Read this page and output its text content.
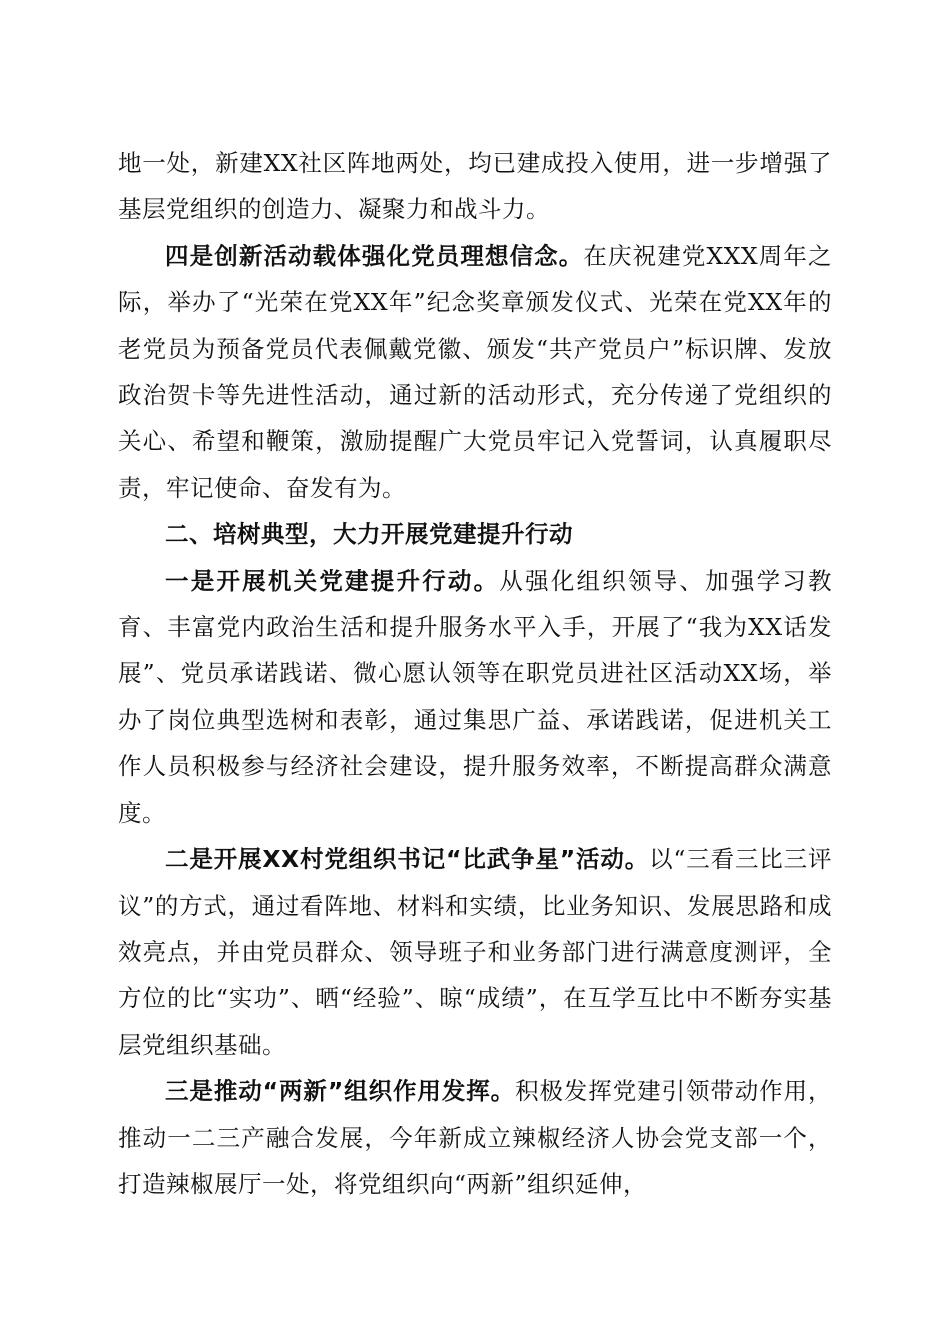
地一处，新建XX社区阵地两处，均已建成投入使用，进一步增强了基层党组织的创造力、凝聚力和战斗力。

四是创新活动载体强化党员理想信念。在庆祝建党XXX周年之际，举办了“光荣在党XX年”纪念奖章颁发仪式、光荣在党XX年的老党员为预备党员代表佩戴党徽、颁发“共产党员户”标识牌、发放政治贺卡等先进性活动，通过新的活动形式，充分传递了党组织的关心、希望和鞭策，激励提醒广大党员牢记入党誓词，认真履职尽责，牢记使命、奋发有为。

二、培树典型，大力开展党建提升行动

一是开展机关党建提升行动。从强化组织领导、加强学习教育、丰富党内政治生活和提升服务水平入手，开展了“我为XX话发展”、党员承诺践诺、微心愿认领等在职党员进社区活动XX场，举办了岗位典型选树和表彰，通过集思广益、承诺践诺，促进机关工作人员积极参与经济社会建设，提升服务效率，不断提高群众满意度。

二是开展XX村党组织书记“比武争星”活动。以“三看三比三评议”的方式，通过看阵地、材料和实绩，比业务知识、发展思路和成效亮点，并由党员群众、领导班子和业务部门进行满意度测评，全方位的比“实功”、晒“经验”、晾“成绩”，在互学互比中不断夯实基层党组织基础。

三是推动“两新”组织作用发挥。积极发挥党建引领带动作用，推动一二三产融合发展，今年新成立辣椒经济人协会党支部一个，打造辣椒展厅一处，将党组织向“两新”组织延伸，
